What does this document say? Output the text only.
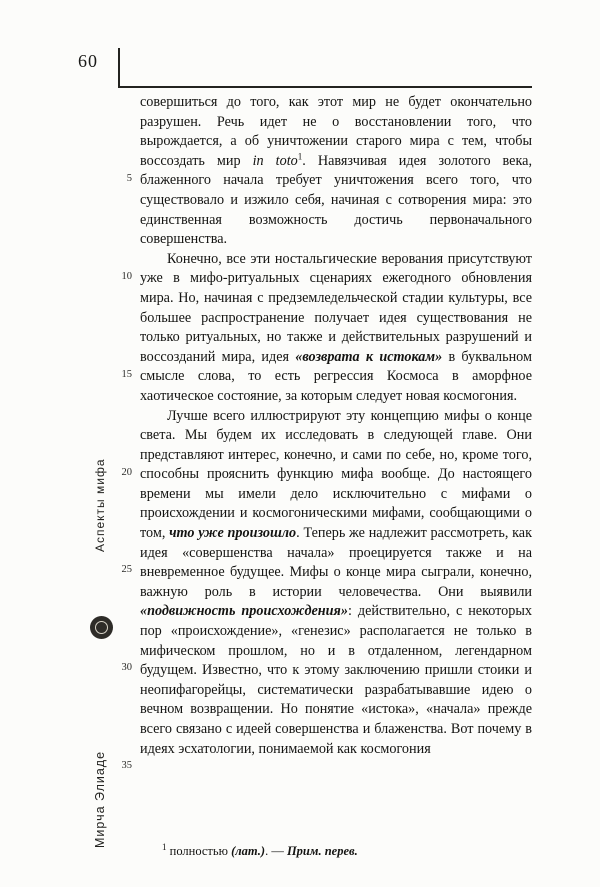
60
Аспекты мифа
Мирча Элиаде
5
10
15
20
25
30
35

совершиться до того, как этот мир не будет окончательно разрушен. Речь идет не о восстановлении того, что вырождается, а об уничтожении старого мира с тем, чтобы воссоздать мир in toto$^1$. Навязчивая идея золотого века, блаженного начала требует уничтожения всего того, что существовало и изжило себя, начиная с сотворения мира: это единственная возможность достичь первоначального совершенства.

Конечно, все эти ностальгические верования присутствуют уже в мифо-ритуальных сценариях ежегодного обновления мира. Но, начиная с предземледельческой стадии культуры, все большее распространение получает идея существования не только ритуальных, но также и действительных разрушений и воссозданий мира, идея «возврата к истокам» в буквальном смысле слова, то есть регрессия Космоса в аморфное хаотическое состояние, за которым следует новая космогония.

Лучше всего иллюстрируют эту концепцию мифы о конце света. Мы будем их исследовать в следующей главе. Они представляют интерес, конечно, и сами по себе, но, кроме того, способны прояснить функцию мифа вообще. До настоящего времени мы имели дело исключительно с мифами о происхождении и космогоническими мифами, сообщающими о том, что уже произошло. Теперь же надлежит рассмотреть, как идея «совершенства начала» проецируется также и на вневременное будущее. Мифы о конце мира сыграли, конечно, важную роль в истории человечества. Они выявили «подвижность происхождения»: действительно, с некоторых пор «происхождение», «генезис» располагается не только в мифическом прошлом, но и в отдаленном, легендарном будущем. Известно, что к этому заключению пришли стоики и неопифагорейцы, систематически разрабатывавшие идею о вечном возвращении. Но понятие «истока», «начала» прежде всего связано с идеей совершенства и блаженства. Вот почему в идеях эсхатологии, понимаемой как космогония

$^1$ полностью (лат.). — Прим. перев.
